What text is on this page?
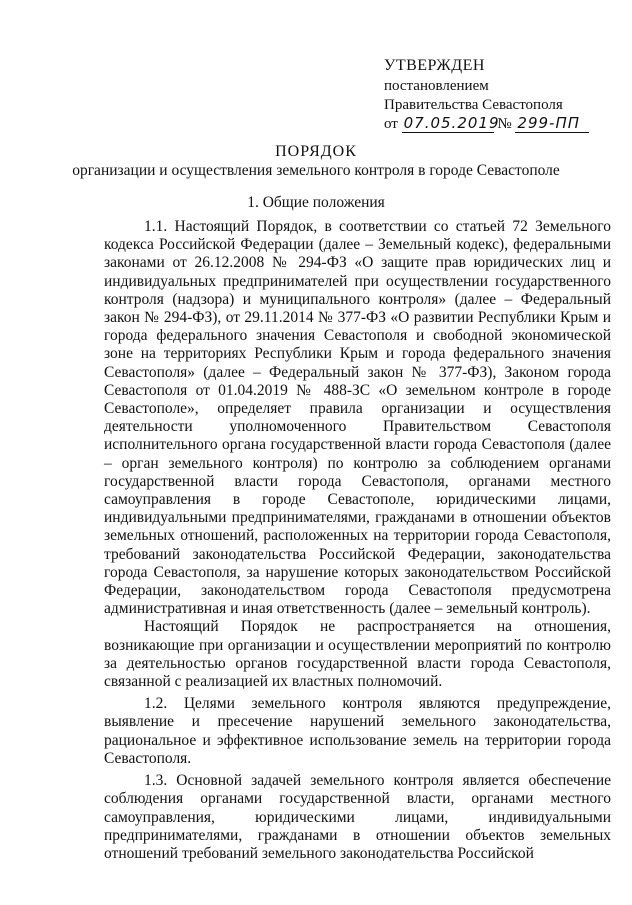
УТВЕРЖДЕН
постановлением
Правительства Севастополя
от 07.05.2019 № 299-ПП
ПОРЯДОК
организации и осуществления земельного контроля в городе Севастополе
1. Общие положения

1.1. Настоящий Порядок, в соответствии со статьей 72 Земельного кодекса Российской Федерации (далее – Земельный кодекс), федеральными законами от 26.12.2008 № 294-ФЗ «О защите прав юридических лиц и индивидуальных предпринимателей при осуществлении государственного контроля (надзора) и муниципального контроля» (далее – Федеральный закон № 294-ФЗ), от 29.11.2014 № 377-ФЗ «О развитии Республики Крым и города федерального значения Севастополя и свободной экономической зоне на территориях Республики Крым и города федерального значения Севастополя» (далее – Федеральный закон № 377-ФЗ), Законом города Севастополя от 01.04.2019 № 488-ЗС «О земельном контроле в городе Севастополе», определяет правила организации и осуществления деятельности уполномоченного Правительством Севастополя исполнительного органа государственной власти города Севастополя (далее – орган земельного контроля) по контролю за соблюдением органами государственной власти города Севастополя, органами местного самоуправления в городе Севастополе, юридическими лицами, индивидуальными предпринимателями, гражданами в отношении объектов земельных отношений, расположенных на территории города Севастополя, требований законодательства Российской Федерации, законодательства города Севастополя, за нарушение которых законодательством Российской Федерации, законодательством города Севастополя предусмотрена административная и иная ответственность (далее – земельный контроль).

Настоящий Порядок не распространяется на отношения, возникающие при организации и осуществлении мероприятий по контролю за деятельностью органов государственной власти города Севастополя, связанной с реализацией их властных полномочий.

1.2. Целями земельного контроля являются предупреждение, выявление и пресечение нарушений земельного законодательства, рациональное и эффективное использование земель на территории города Севастополя.

1.3. Основной задачей земельного контроля является обеспечение соблюдения органами государственной власти, органами местного самоуправления, юридическими лицами, индивидуальными предпринимателями, гражданами в отношении объектов земельных отношений требований земельного законодательства Российской
